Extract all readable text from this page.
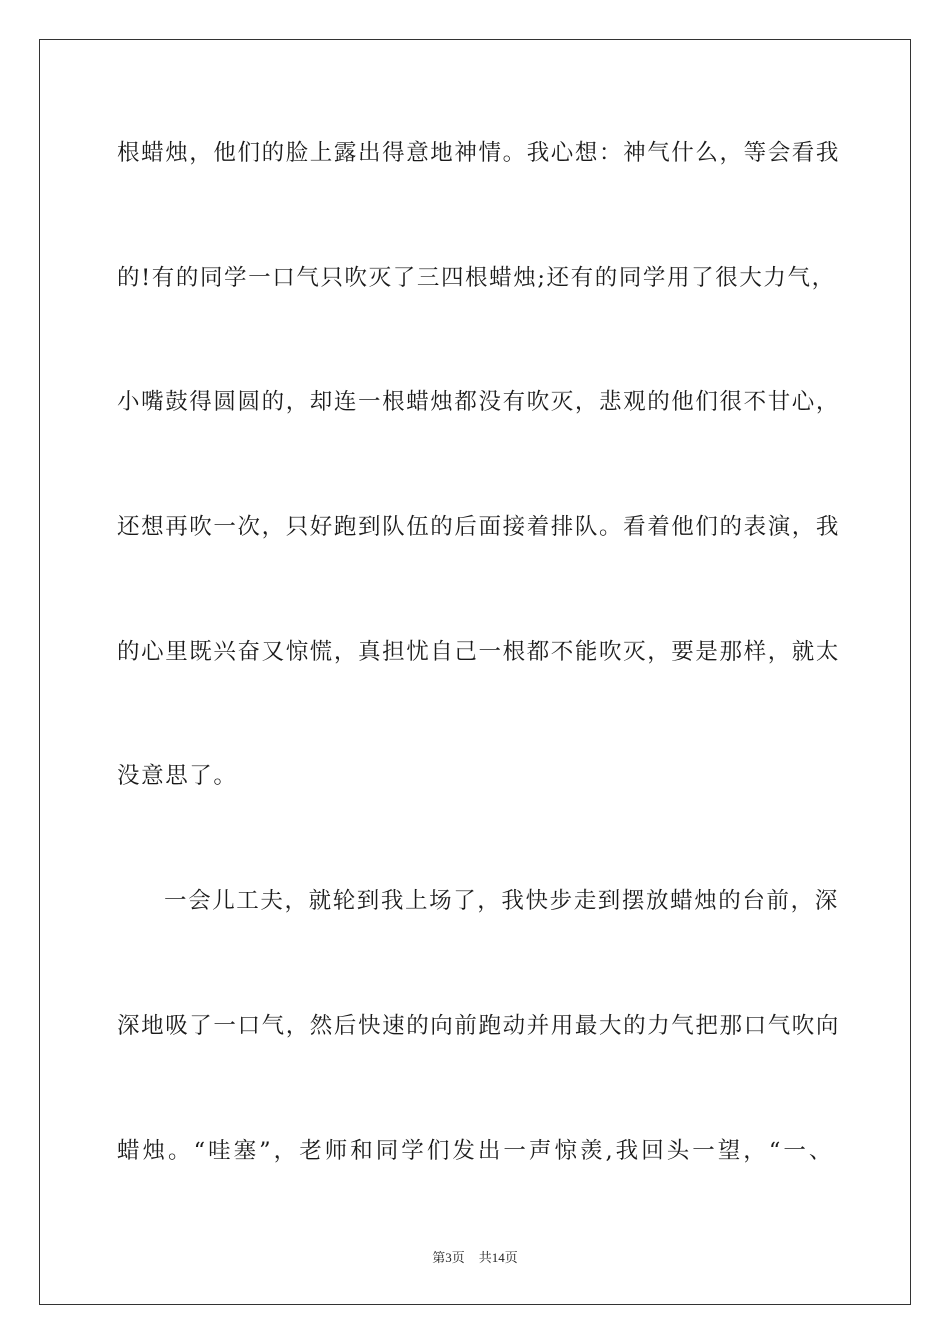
根蜡烛，他们的脸上露出得意地神情。我心想：神气什么，等会看我
的!有的同学一口气只吹灭了三四根蜡烛;还有的同学用了很大力气，
小嘴鼓得圆圆的，却连一根蜡烛都没有吹灭，悲观的他们很不甘心，
还想再吹一次，只好跑到队伍的后面接着排队。看着他们的表演，我
的心里既兴奋又惊慌，真担忧自己一根都不能吹灭，要是那样，就太
没意思了。
一会儿工夫，就轮到我上场了，我快步走到摆放蜡烛的台前，深
深地吸了一口气，然后快速的向前跑动并用最大的力气把那口气吹向
蜡烛。“哇塞”，老师和同学们发出一声惊羡,我回头一望，“一、
第3页 共14页
